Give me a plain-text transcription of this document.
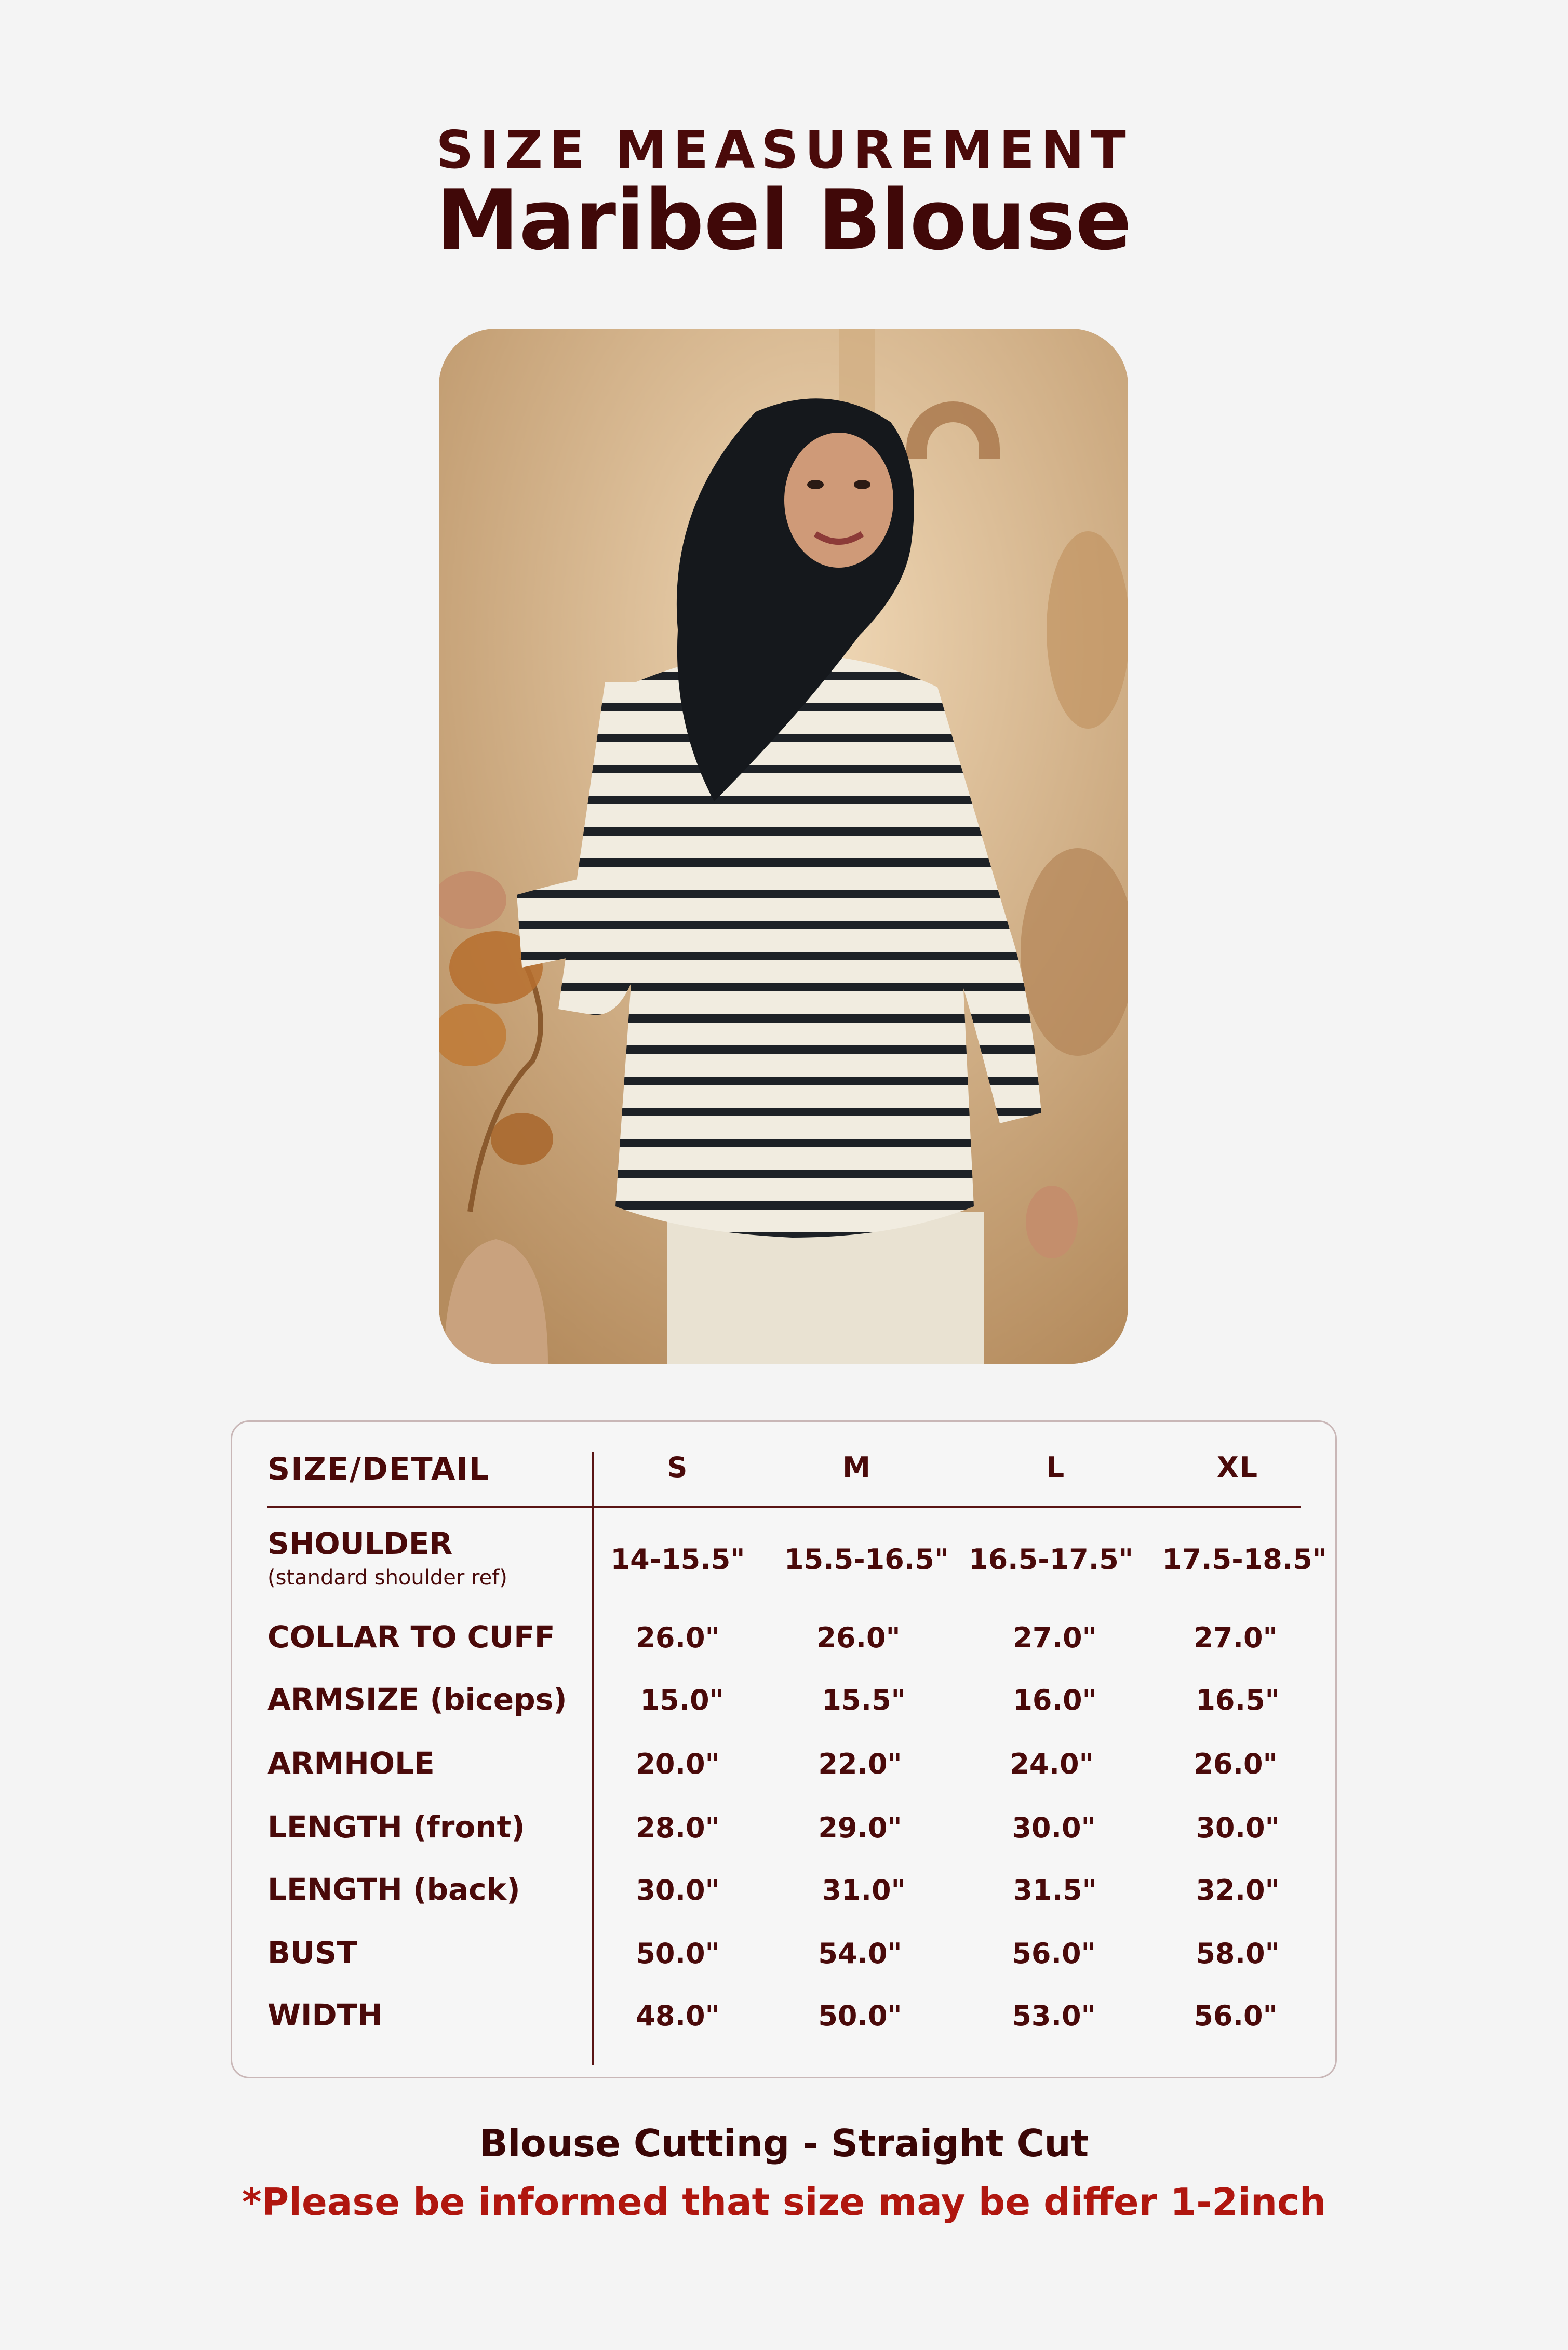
SIZE MEASUREMENT
Maribel Blouse
SIZE/DETAIL	S	M	L	XL
SHOULDER
(standard shoulder ref)
14-15.5"	15.5-16.5" 16.5-17.5" 17.5-18.5"
COLLAR TO CUFF	26.0"	26.0"	27.0"	27.0"
ARMSIZE (biceps)	15.0"	15.5"	16.0"	16.5"
ARMHOLE	20.0"	22.0"	24.0"	26.0"
LENGTH (front)	28.0"	29.0"	30.0"	30.0"
LENGTH (back)	30.0"	31.0"	31.5"	32.0"
BUST	50.0"	54.0"	56.0"	58.0"
WIDTH	48.0"	50.0"	53.0"	56.0"
Blouse Cutting - Straight Cut
*Please be informed that size may be differ 1-2inch
